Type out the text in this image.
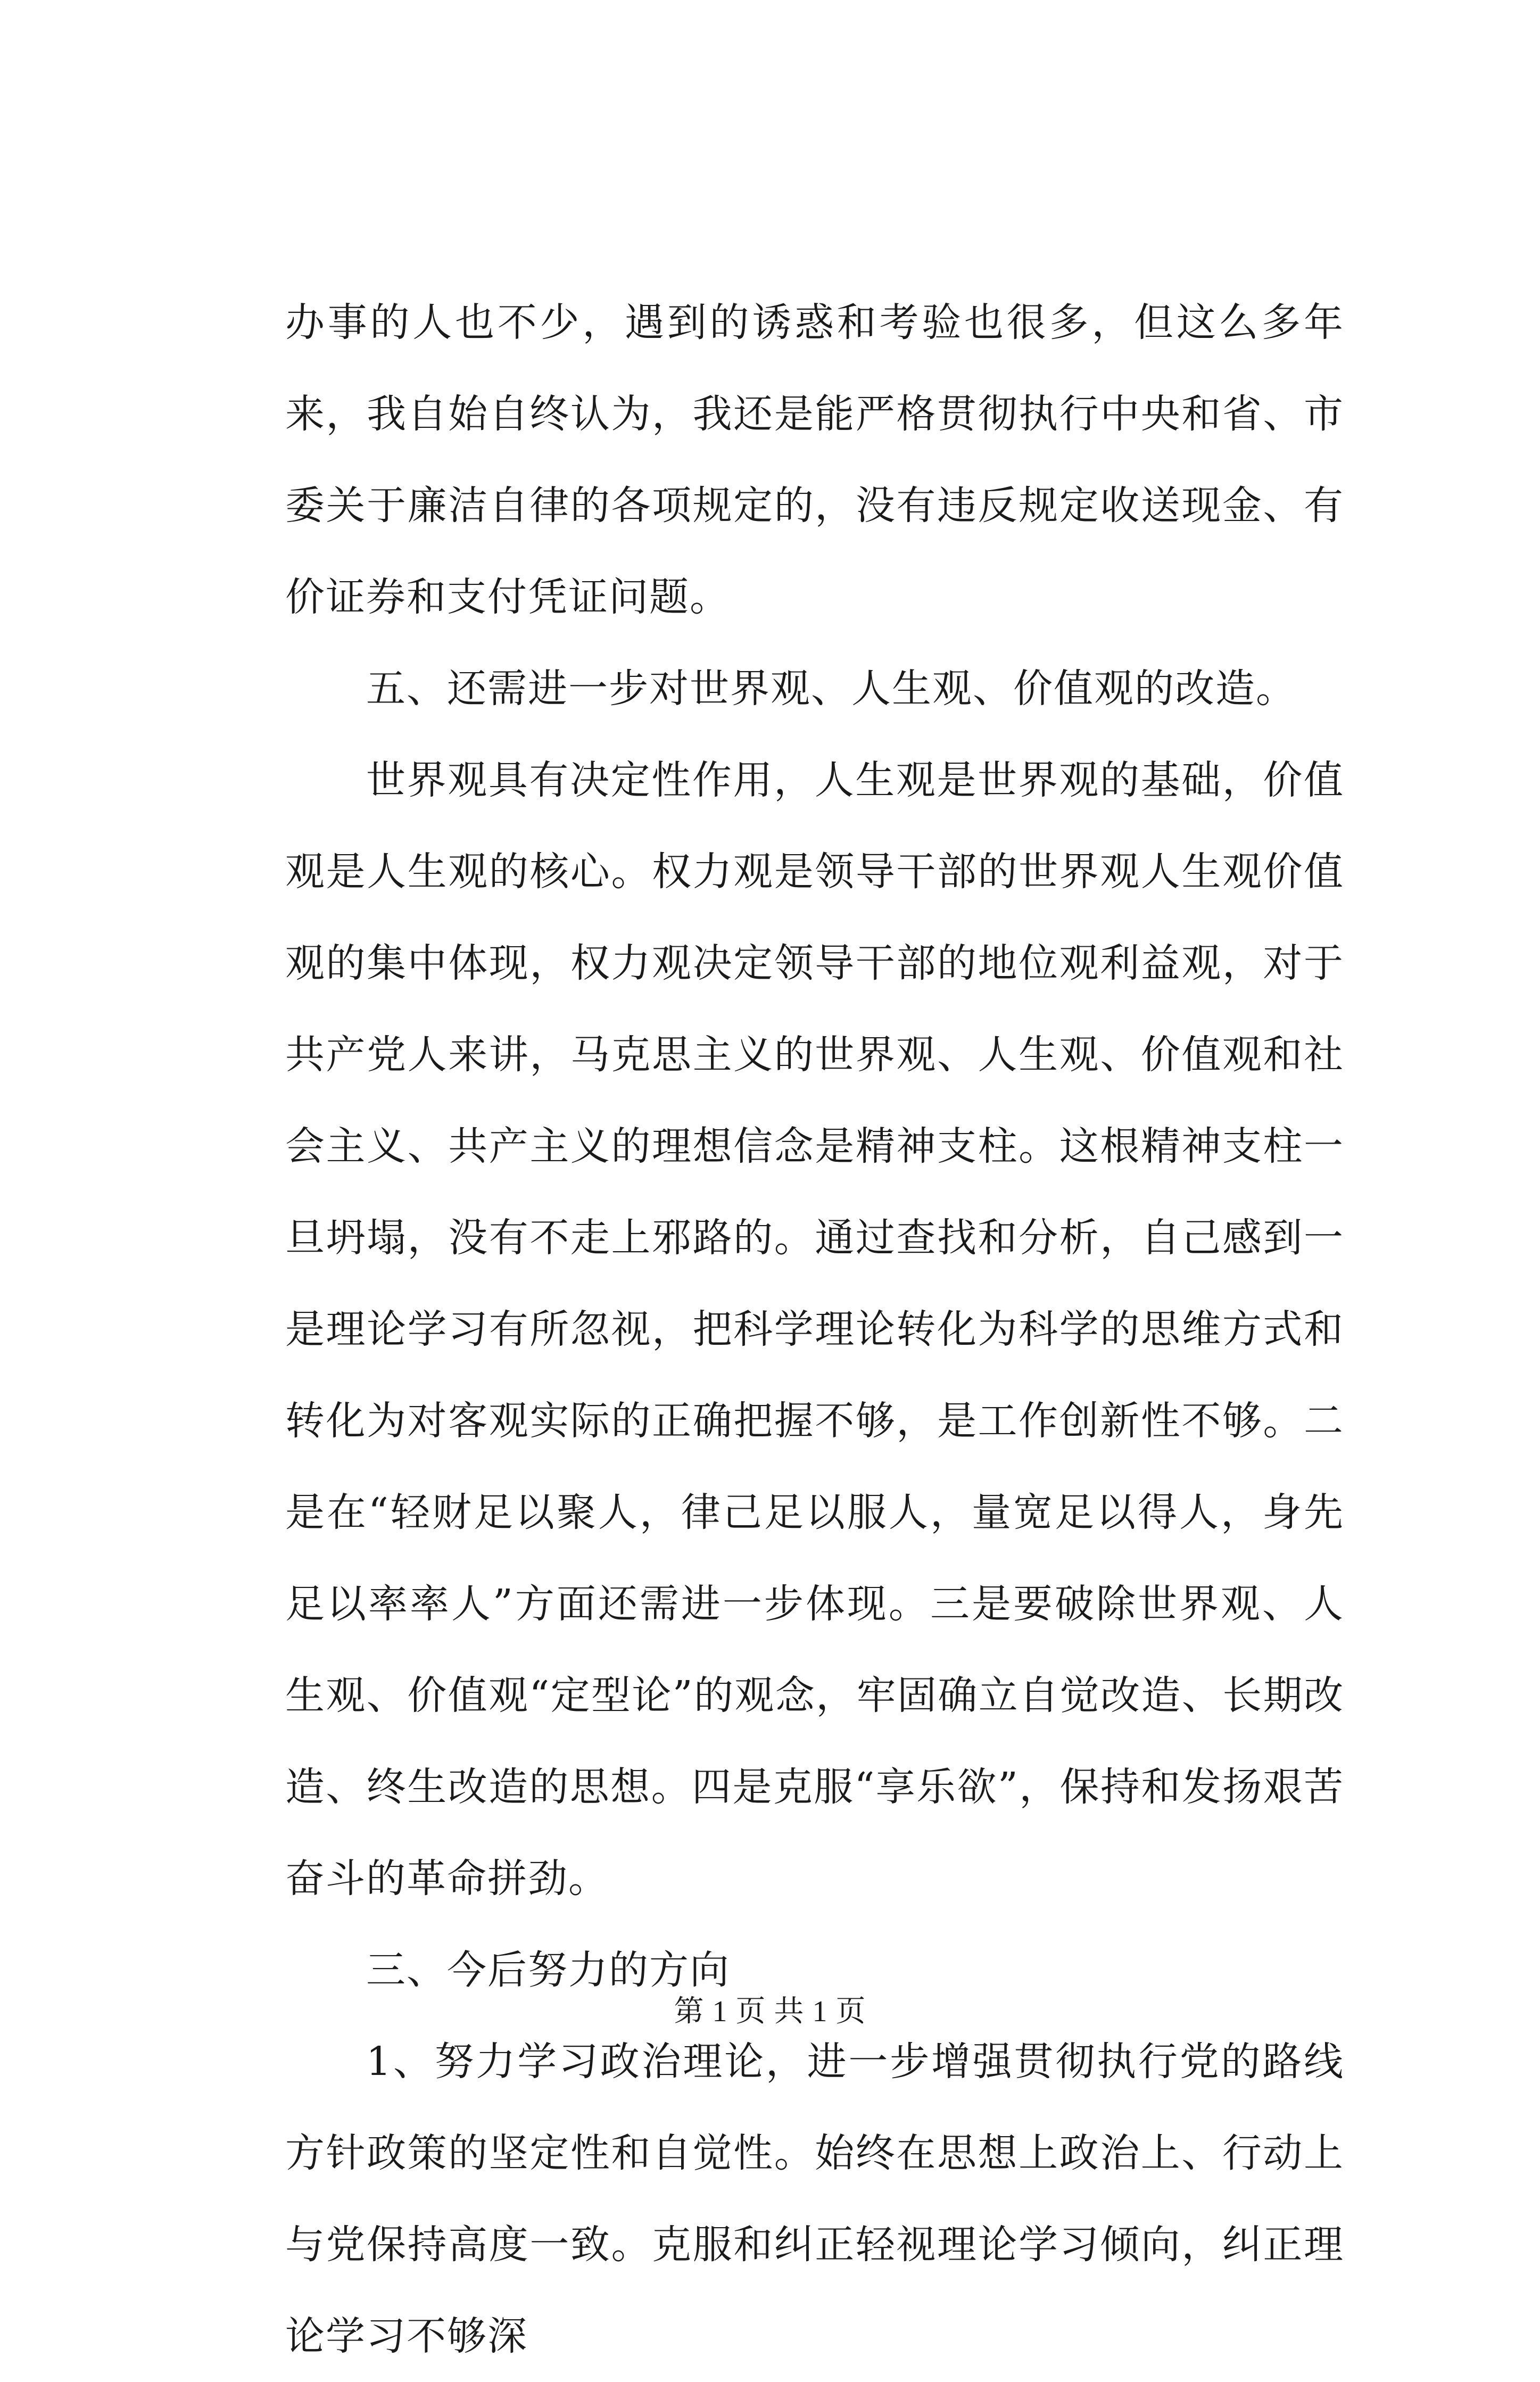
办事的人也不少，遇到的诱惑和考验也很多，但这么多年来，我自始自终认为，我还是能严格贯彻执行中央和省、市委关于廉洁自律的各项规定的，没有违反规定收送现金、有价证券和支付凭证问题。

五、还需进一步对世界观、人生观、价值观的改造。

世界观具有决定性作用，人生观是世界观的基础，价值观是人生观的核心。权力观是领导干部的世界观人生观价值观的集中体现，权力观决定领导干部的地位观利益观，对于共产党人来讲，马克思主义的世界观、人生观、价值观和社会主义、共产主义的理想信念是精神支柱。这根精神支柱一旦坍塌，没有不走上邪路的。通过查找和分析，自己感到一是理论学习有所忽视，把科学理论转化为科学的思维方式和转化为对客观实际的正确把握不够，是工作创新性不够。二是在“轻财足以聚人，律己足以服人，量宽足以得人，身先足以率率人”方面还需进一步体现。三是要破除世界观、人生观、价值观“定型论”的观念，牢固确立自觉改造、长期改造、终生改造的思想。四是克服“享乐欲”，保持和发扬艰苦奋斗的革命拼劲。

三、今后努力的方向

1、努力学习政治理论，进一步增强贯彻执行党的路线方针政策的坚定性和自觉性。始终在思想上政治上、行动上与党保持高度一致。克服和纠正轻视理论学习倾向，纠正理论学习不够深

第 1 页 共 1 页
